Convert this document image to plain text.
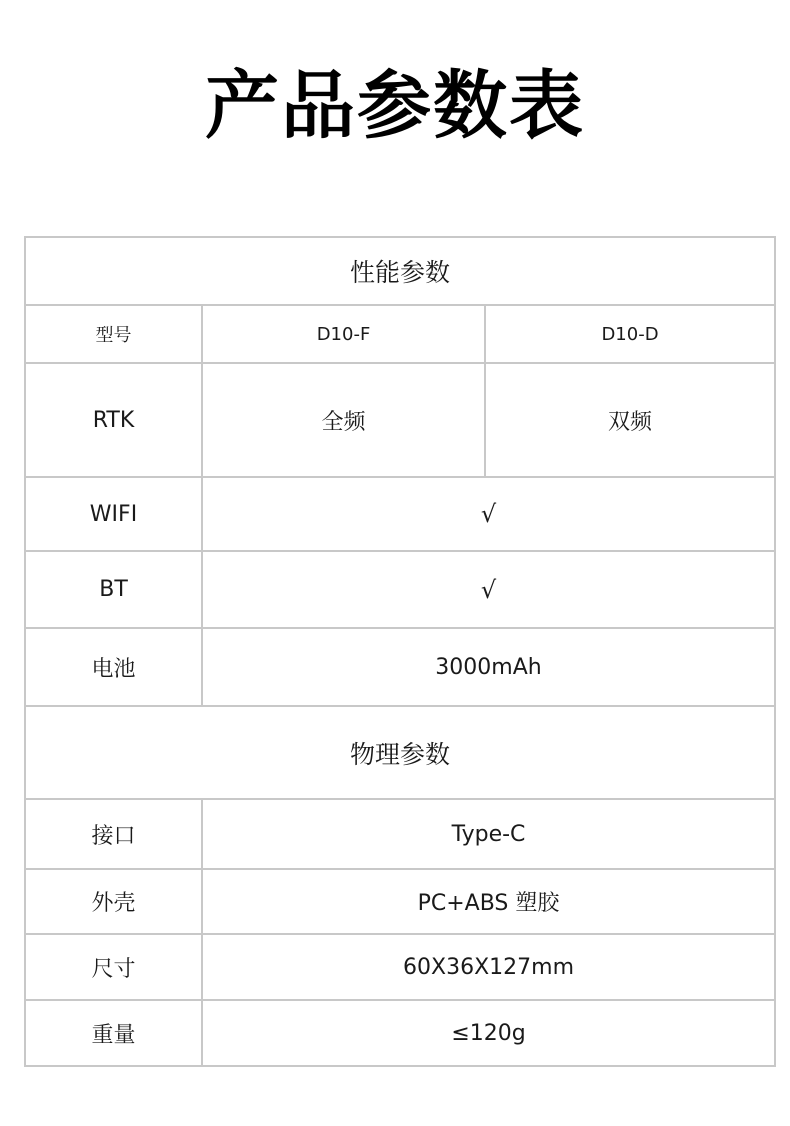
产品参数表
性能参数		
型号	D10-F	D10-D
RTK	全频	双频
WIFI	√	
BT	√	
电池	3000mAh	
物理参数		
接口	Type-C	
外壳	PC+ABS 塑胶	
尺寸	60X36X127mm	
重量	≤120g	
